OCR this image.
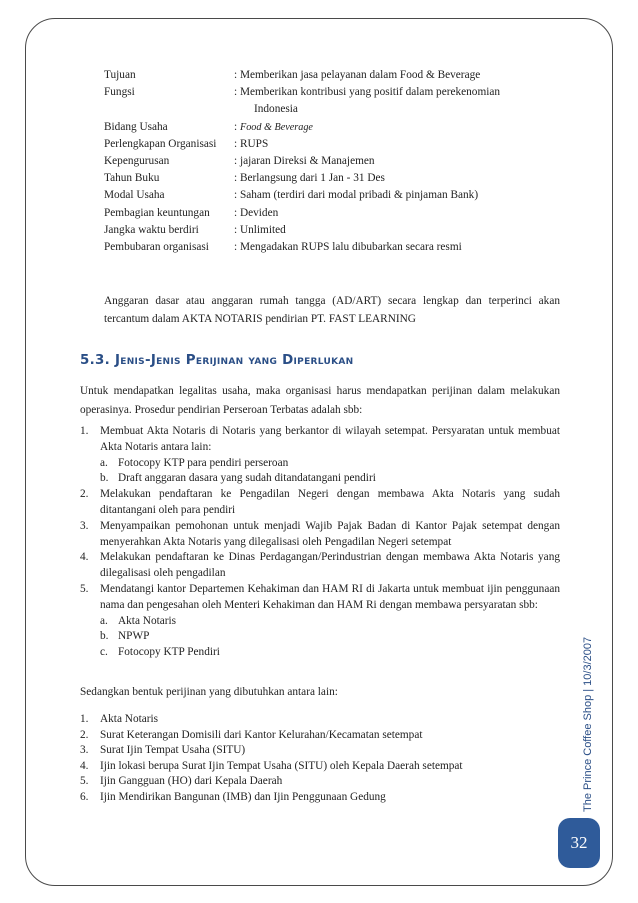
Tujuan	: Memberikan jasa pelayanan dalam Food & Beverage
Fungsi	: Memberikan kontribusi yang positif dalam perekenomian
Indonesia
Bidang Usaha	: Food & Beverage
Perlengkapan Organisasi	: RUPS
Kepengurusan	: jajaran Direksi & Manajemen
Tahun Buku	: Berlangsung dari 1 Jan - 31 Des
Modal Usaha	: Saham (terdiri dari modal pribadi & pinjaman Bank)
Pembagian keuntungan	: Deviden
Jangka waktu berdiri	: Unlimited
Pembubaran organisasi	: Mengadakan RUPS lalu dibubarkan secara resmi
Anggaran dasar atau anggaran rumah tangga (AD/ART) secara lengkap dan terperinci akan tercantum dalam AKTA NOTARIS pendirian PT. FAST LEARNING
5.3. Jenis-Jenis Perijinan yang Diperlukan
Untuk mendapatkan legalitas usaha, maka organisasi harus mendapatkan perijinan dalam melakukan operasinya. Prosedur pendirian Perseroan Terbatas adalah sbb:
1.	Membuat Akta Notaris di Notaris yang berkantor di wilayah setempat. Persyaratan untuk membuat Akta Notaris antara lain:
a. Fotocopy KTP para pendiri perseroan
b. Draft anggaran dasara yang sudah ditandatangani pendiri
2.	Melakukan pendaftaran ke Pengadilan Negeri dengan membawa Akta Notaris yang sudah ditantangani oleh para pendiri
3.	Menyampaikan pemohonan untuk menjadi Wajib Pajak Badan di Kantor Pajak setempat dengan menyerahkan Akta Notaris yang dilegalisasi oleh Pengadilan Negeri setempat
4.	Melakukan pendaftaran ke Dinas Perdagangan/Perindustrian dengan membawa Akta Notaris yang dilegalisasi oleh pengadilan
5.	Mendatangi kantor Departemen Kehakiman dan HAM RI di Jakarta untuk membuat ijin penggunaan nama dan pengesahan oleh Menteri Kehakiman dan HAM Ri dengan membawa persyaratan sbb:
a. Akta Notaris
b. NPWP
c. Fotocopy KTP Pendiri
Sedangkan bentuk perijinan yang dibutuhkan antara lain:
1.	Akta Notaris
2.	Surat Keterangan Domisili dari Kantor Kelurahan/Kecamatan setempat
3.	Surat Ijin Tempat Usaha (SITU)
4.	Ijin lokasi berupa Surat Ijin Tempat Usaha (SITU) oleh Kepala Daerah setempat
5.	Ijin Gangguan (HO) dari Kepala Daerah
6.	Ijin Mendirikan Bangunan (IMB) dan Ijin Penggunaan Gedung	The Prince Coffee Shop | 10/3/2007
32
